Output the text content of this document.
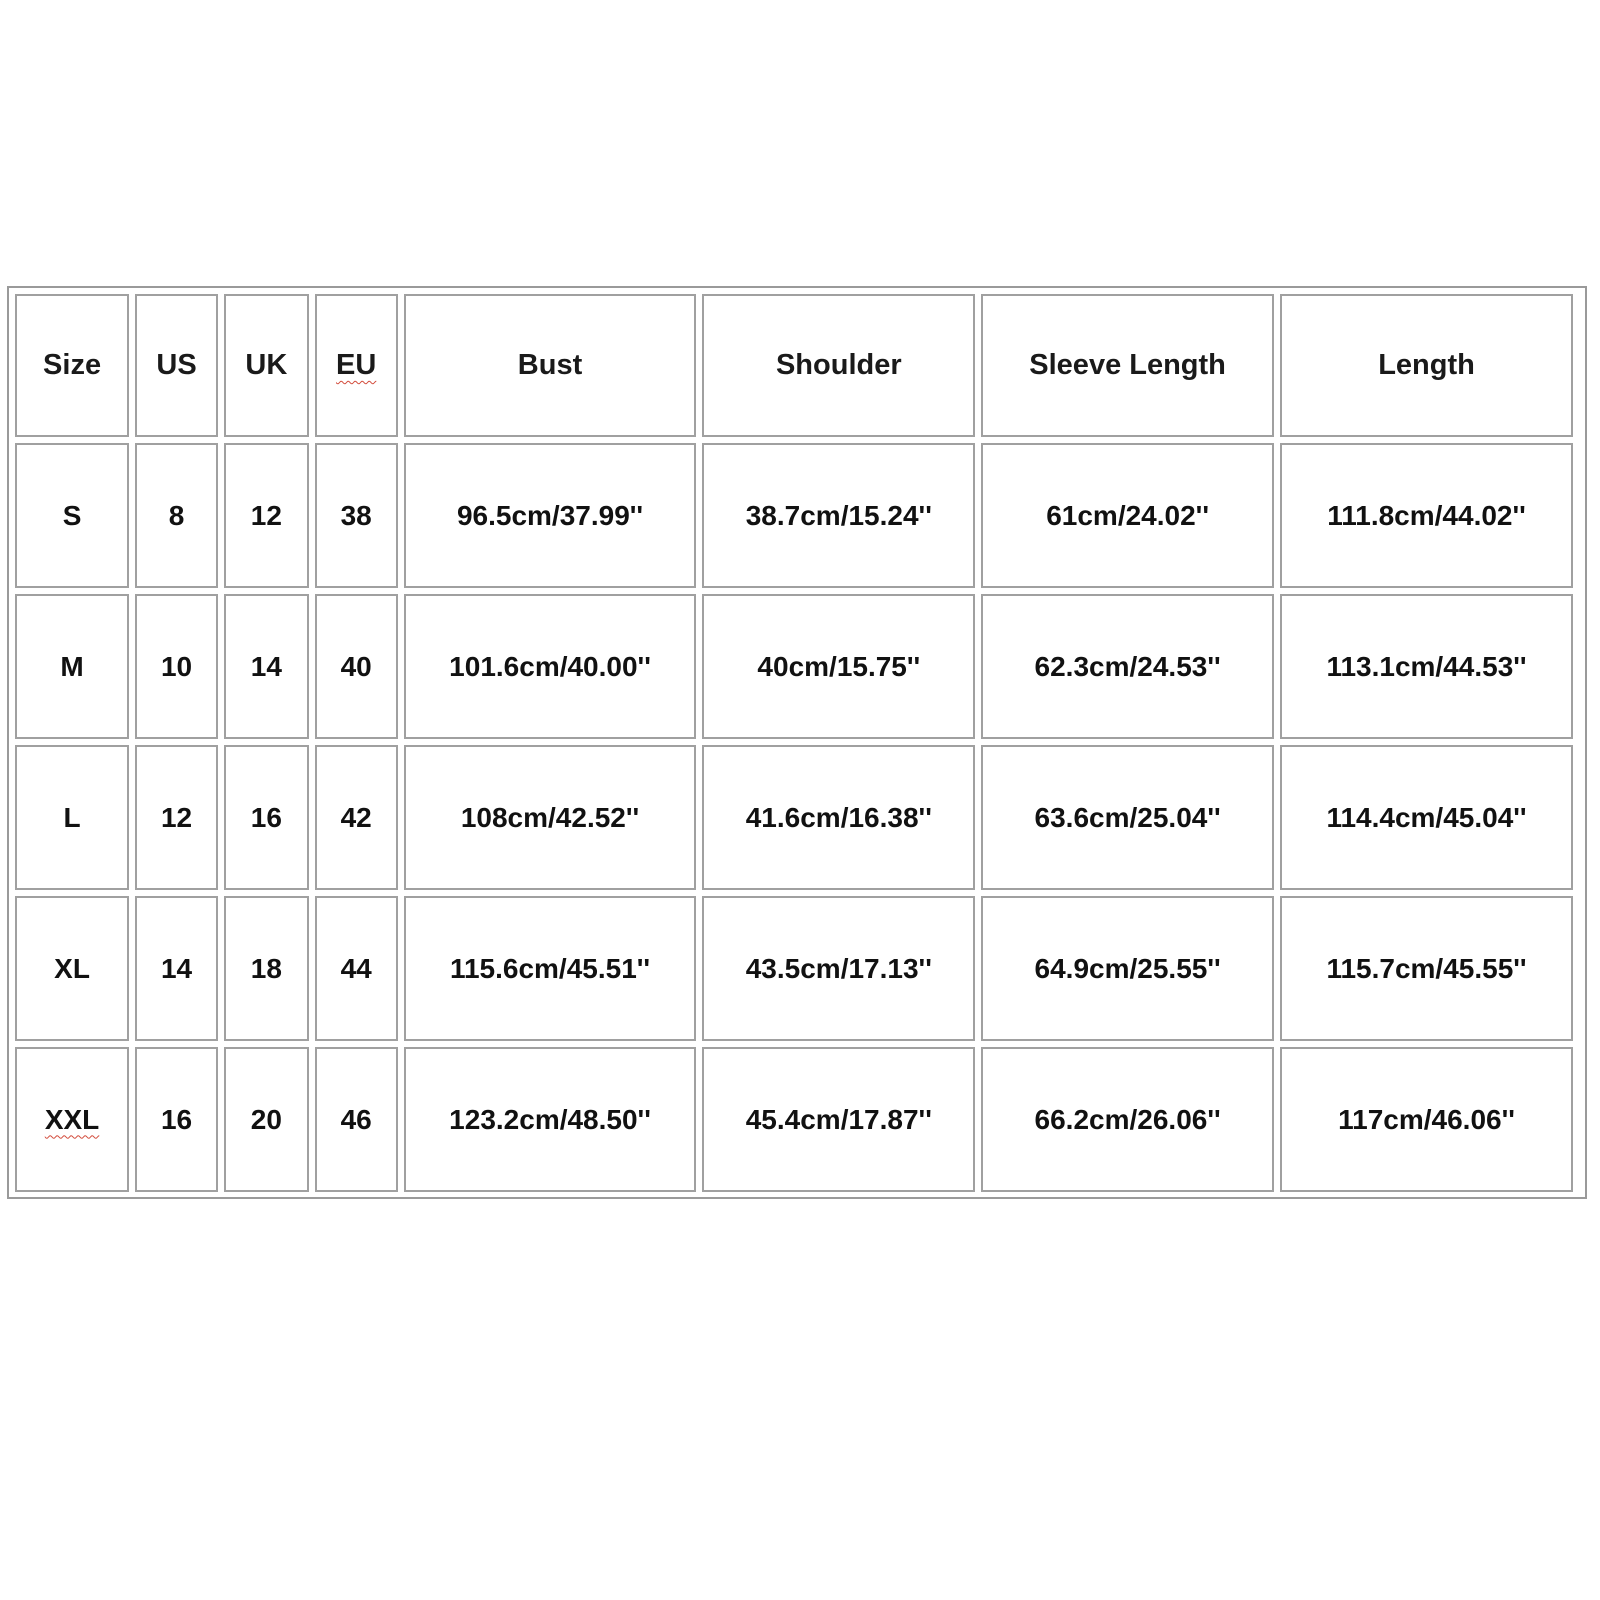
Size	US	UK	EU	Bust	Shoulder	Sleeve Length	Length
S	8	12	38	96.5cm/37.99''	38.7cm/15.24''	61cm/24.02''	111.8cm/44.02''
M	10	14	40	101.6cm/40.00''	40cm/15.75''	62.3cm/24.53''	113.1cm/44.53''
L	12	16	42	108cm/42.52''	41.6cm/16.38''	63.6cm/25.04''	114.4cm/45.04''
XL	14	18	44	115.6cm/45.51''	43.5cm/17.13''	64.9cm/25.55''	115.7cm/45.55''
XXL	16	20	46	123.2cm/48.50''	45.4cm/17.87''	66.2cm/26.06''	117cm/46.06''
